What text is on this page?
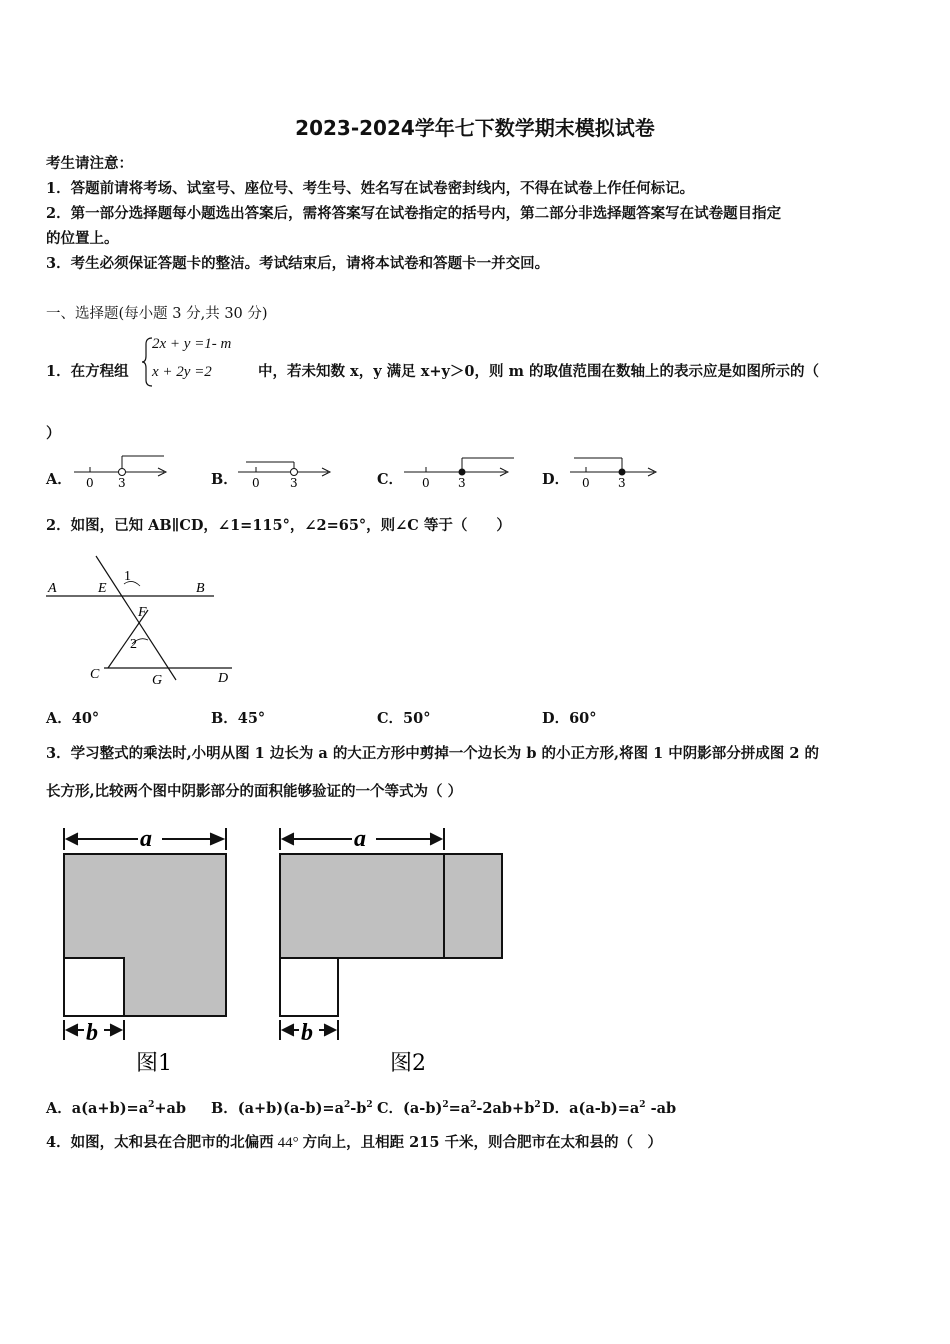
2023-2024学年七下数学期末模拟试卷
考生请注意：
1．答题前请将考场、试室号、座位号、考生号、姓名写在试卷密封线内，不得在试卷上作任何标记。
2．第一部分选择题每小题选出答案后，需将答案写在试卷指定的括号内，第二部分非选择题答案写在试卷题目指定
的位置上。
3．考生必须保证答题卡的整洁。考试结束后，请将本试卷和答题卡一并交回。
一、选择题(每小题 3 分,共 30 分)
1．在方程组
2x + y =1- m
x + 2y =2	中，若未知数 x，y 满足 x+y＞0，则 m 的取值范围在数轴上的表示应是如图所示的（
）
A． 0 3	B． 0	3	C． 0 3	D． 0 3
2．如图，已知 AB∥CD，∠1=115°，∠2=65°，则∠C 等于（　　）
A	E
1
B
F
2
C	G	D
A．40°	B．45°	C．50°	D．60°
3．学习整式的乘法时,小明从图 1 边长为 a 的大正方形中剪掉一个边长为 b 的小正方形,将图 1 中阴影部分拼成图 2 的
长方形,比较两个图中阴影部分的面积能够验证的一个等式为（ ）
a
b
图1
a
b
图2
A．$a(a+b)=a^2+ab$ B．$(a+b)(a-b)=a^2-b^2$ C．$(a-b)^2=a^2-2ab+b^2$ D．$a(a-b)=a^2$ -ab
4．如图，太和县在合肥市的北偏西 44° 方向上，且相距 215 千米，则合肥市在太和县的（　）
